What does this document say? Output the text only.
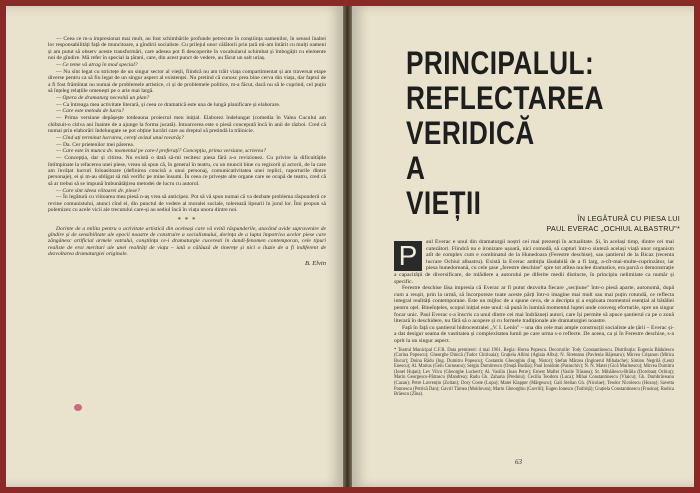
— Ceea ce m-a impresionat mai mult, au fost schimbările profunde petrecute în conștiința oamenilor, în sensul înaltei lor responsabilități față de muncitoare, a gîndirii socialiste. Cu prilejul unor călătorii prin țară mi-am întărit cu mulți oameni și am putut să observ aceste transformări, care adesea pot fi descoperite în vocabularul schimbat și îmbogățit cu elemente noi de gîndire. Mă refer în special la țărani, care, din acest punct de vedere, au făcut un salt uriaș.

— Ce teme vă atrag în mod special?

— Nu sînt legat cu strictețe de un singur sector al vieții, fiindcă nu am trăit viața compartimentat și am traversat etape diverse pentru ca să fiu legat de un singur aspect al existenței. Nu pretind că cunosc prea bine cerva din viața, dar faptul de a fi fost frămîntat nu numai de problemele artistice, ci și de problemele politice, m-a făcut, dacă nu să le cuprind, cel puțin să înțeleg relațiile omenești pe o arie mai largă.

— Opera de dramaturg necesită un plan?

— Ca întreaga mea activitate literară, și ceea ce dramatică este una de lungă planificare și elaborare.

— Care este metoda de lucru?

— Prima versiune depășește totdeauna proiectul meu inițial. Elaborez îndelungat (comedia în Valea Cucului am chibzuit-o citiva ani înainte de a ajunge la forma jucată). Intoarcerea este o piesă concepută încă în anii de război. Cred că numai prin elaborări îndelungate se pot obține lucrări care au dreptul să pretindă la trăinicie.

— Cînd ați terminat lucrarea, cereți avizul unui tovarăș?

— Da. Cer prietenilor mei părerea.

— Care este în munca dv. momentul pe care-l preferați? Concepția, prima versiune, scrierea?

— Concepția, dar și citirea. Nu există o dată să-mi recitesc piesa fără a-o revizionez. Cu privire la dificultățile întîmpinate la refacerea unei piese, vreau să spun că, în general în teatru, cu un muncit bine cu regizorii și actorii, de la care am învățat lucruri foloasitoare (definirea concisă a unui personaj, comunicativitatea unei replici, raporturile dintre personaje), ei și m-au obligat să mă verific pe mine însumi. În ceea ce privește alte organe care se ocupă de teatru, cred că să ar trebui să se impună îmbunătățirea metodei de lucru cu autorul.

— Care sînt ideea viitoarei dv. piese?

— În legătură cu viitoarea mea piesă n-aș vrea să anticipez. Pot să vă spun numai că va dezbate problema răspunderii ce revine comunistului, atunci cînd el, din punctul de vedere al moralei sociale, tolerează lipsurii în jurul lor. Îmi propun să polemizez cu acele vicii ale trecutului care-și au sediul încă în viața unora dintre noi.

* * *

Dorinte de a milita pentru o activitate artistică din aceleași care vă evită răspunderile, atacând avide supravenire de gîndire și de sensibilitate ale epocii noastre de construire a socialismului, dorința de a lupta împotriva acelor piese care zăngănesc artificial armele vatrului, conștiința ce-i dramaturgie cuceresti în dandi-fenomen contemporan, cele tipuri realiste de eroi merituri ale unei realități de viața – iată o călăuză de tinerețe și nici o iluzie de a fi indiferent de dezvoltarea dramaturgiei originale.

B. Elvin
PRINCIPALUL:
REFLECTAREA
VERIDICĂ
A
VIEȚII	ÎN LEGĂTURĂ CU PIESA LUI
PAUL EVERAC „OCHIUL ALBASTRU"*
P	aul Everac e unul din dramaturgii noștri cei mai prezenți în actualitate. Și, în același timp, dintre cei mai cutezători. Fiindcă nu e ironizare ușoară, nici comodă, să capturi într-o sinteză același viață unor organism atît de complex cum e combinatul de la Hunedoara (Ferestre deschise), sau șantierul de la Bicaz (recenta lucrare Ochiul albastru). Există la Everac ambiția lăudabilă de a fi larg, a-cît-mai-multe-cuprinzător, iar piesa hunedoreană, cu cele șase „ferestre deschise" spre tot atîtea nuclee dramatice, era parcă o demonstrație a capacității de diversificare, de mlădiere a autorului pe diferite medii distincte, în principiu nelimitate ca număr și specific.

Ferestre deschise lăsa impresia că Everac ar fi putut dezvolta fiecare „secțiune" într-o piesă aparte, autonomă, după cum a reușit, prin la urmă, să încorporeze toate aceste părți într-o imagine mai mult sau mai puțin rotundă, ce reflecta integral realități contemporane. Este un mijloc de a spune ceva, de a decripta și a exploata momentul esențial al bătăliei pentru oțel. Bineînțeles, scopul inițial este unul: să pună în lumină momentul luptei unde converg eforturile, spre un singur focar unic. Paul Everac s-a înscris ca unul dintre cei mai îndrăzneți autori, care își permite să apuce șantierul ca pe o zonă literară în deschidere, nu fără să o acopere și cu formele tradiționale ale dramaturgiei noastre.

Față în față cu șantierul hidrocentralei „V. I. Lenin" – una din cele mai ample construcții socialiste ale țării – Everac și-a dat desigur seama de vastitatea și complexitatea lumii pe care urma s-o reflecte. De aceea, ca și în Ferestre deschise, s-a oprit la un singur aspect.

* Teatrul Municipal C.F.R. Data premierei: 4 mai 1961. Regia: Horea Popescu. Decorurile: Tody Constantinescu. Distribuția: Eugenia Bădulescu (Corina Popescu); Gheorghe Dinică (Tudor Chirioaia); Grațiela Albini (Aglaia Albu); N. Sireteanu (Pavlenia Băjenaru); Mircea Crișanon (Mitica Bucur); Doina Rădu (Ing. Dumitru Popescu); Costantin Gheorghiu (Ing. Nistor); Ștefan Mărzea (Inginerul Mihalache); Simion Negrilă (Lenți Enescu); Al. Marius (Gelu Corneanu); Sergiu Dumitrescu (Onuță Budău); Paul Ionidom (Paraschiv); N. N. Matei (Gică Marinescu); Mircea Dumitru (Ionel Huțan); Lev Vilcu (Gheorghe Luckert); Al. Vasiliu (Ioan Petre); Ernest Maftei (Vasile Trăsnea); St. Mihăilescu-Brăila (Dorobanț Ochiuț); Marin Georgescu-Pătrascu (Mandrea); Radu Gh. Zaharia (Predoiu); Cecilia Teodoru (Luca); Mihai Constantinescu (Vlaicu); Gh. Dumbrăveanu (Cazan); Petre Lavrențiu (Zoltan); Dory Coste (Lupu); Matei Klapper (Mărgescu); Gali Stelian Gh. (Nicolae); Teodor Nicolescu (Hozoș); Savetta Ponnescu (Petrică Dan); Gavril Tărnea (Moldovan); Marin Gheorghiu (Gavriil); Eugen Ionescu (Todiriță); Grațiela Constantinescu (Frusina); Rodica Brăescu (Zîna).

63
